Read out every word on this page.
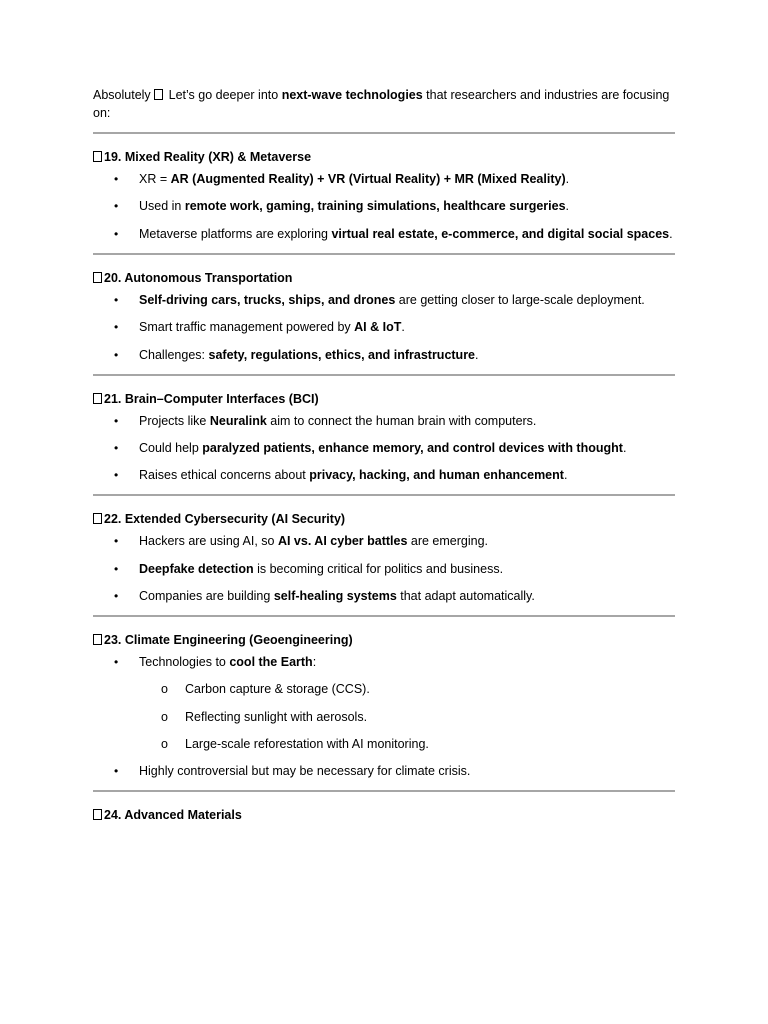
Absolutely  Let’s go deeper into next-wave technologies that researchers and industries are focusing on:

19. Mixed Reality (XR) & Metaverse

• XR = AR (Augmented Reality) + VR (Virtual Reality) + MR (Mixed Reality).
• Used in remote work, gaming, training simulations, healthcare surgeries.
• Metaverse platforms are exploring virtual real estate, e-commerce, and digital social spaces.

20. Autonomous Transportation

• Self-driving cars, trucks, ships, and drones are getting closer to large-scale deployment.
• Smart traffic management powered by AI & IoT.
• Challenges: safety, regulations, ethics, and infrastructure.

21. Brain–Computer Interfaces (BCI)

• Projects like Neuralink aim to connect the human brain with computers.
• Could help paralyzed patients, enhance memory, and control devices with thought.
• Raises ethical concerns about privacy, hacking, and human enhancement.

22. Extended Cybersecurity (AI Security)

• Hackers are using AI, so AI vs. AI cyber battles are emerging.
• Deepfake detection is becoming critical for politics and business.
• Companies are building self-healing systems that adapt automatically.

23. Climate Engineering (Geoengineering)

• Technologies to cool the Earth:
o Carbon capture & storage (CCS).
o Reflecting sunlight with aerosols.
o Large-scale reforestation with AI monitoring.
• Highly controversial but may be necessary for climate crisis.

24. Advanced Materials
